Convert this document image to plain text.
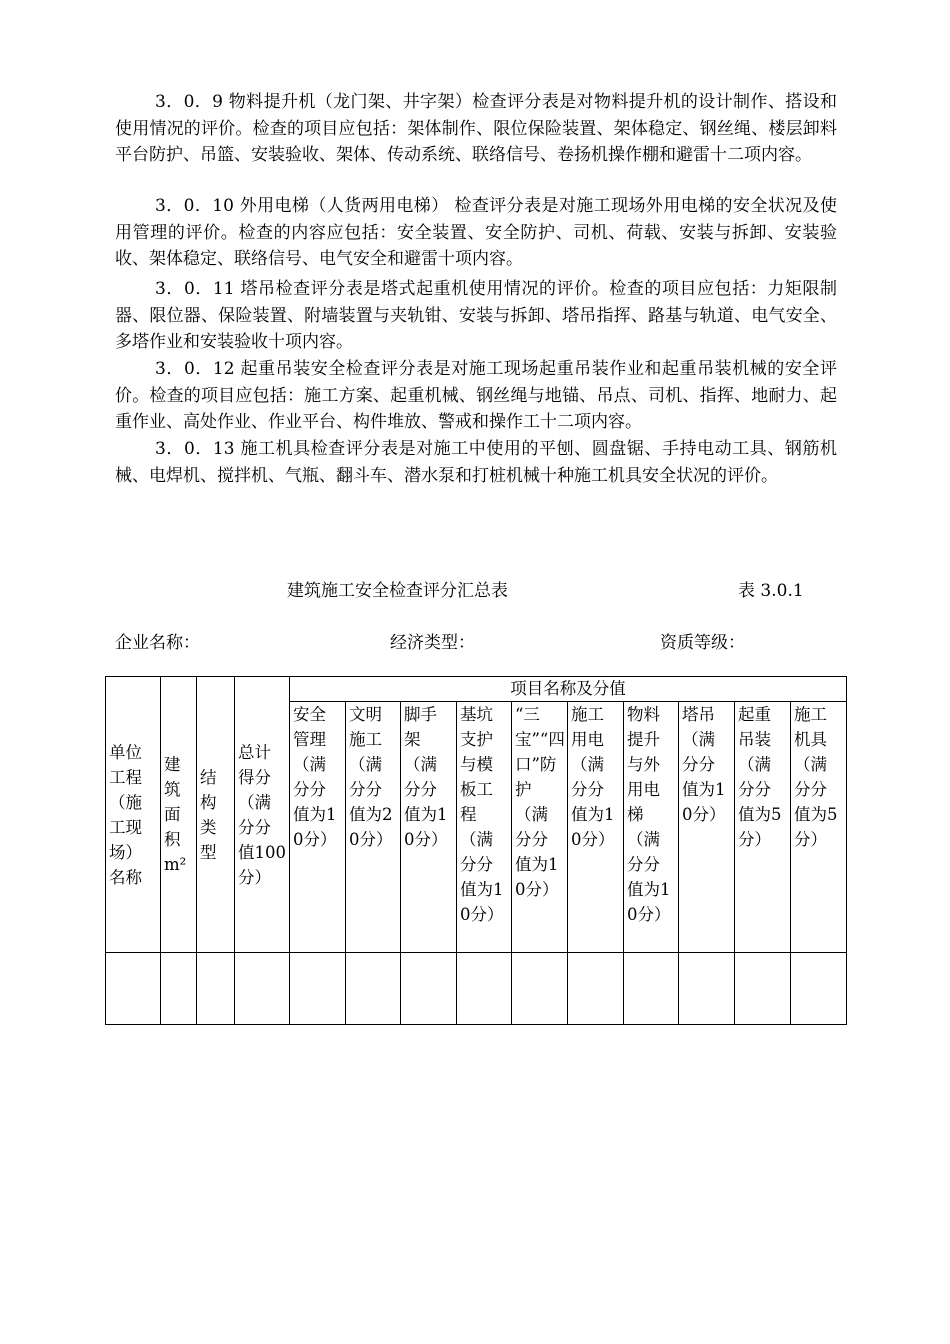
3．0．9 物料提升机（龙门架、井字架）检查评分表是对物料提升机的设计制作、搭设和使用情况的评价。检查的项目应包括：架体制作、限位保险装置、架体稳定、钢丝绳、楼层卸料平台防护、吊篮、安装验收、架体、传动系统、联络信号、卷扬机操作棚和避雷十二项内容。

3．0．10 外用电梯（人货两用电梯） 检查评分表是对施工现场外用电梯的安全状况及使用管理的评价。检查的内容应包括：安全装置、安全防护、司机、荷载、安装与拆卸、安装验收、架体稳定、联络信号、电气安全和避雷十项内容。

3．0．11 塔吊检查评分表是塔式起重机使用情况的评价。检查的项目应包括：力矩限制器、限位器、保险装置、附墙装置与夹轨钳、安装与拆卸、塔吊指挥、路基与轨道、电气安全、多塔作业和安装验收十项内容。

3．0．12 起重吊装安全检查评分表是对施工现场起重吊装作业和起重吊装机械的安全评价。检查的项目应包括：施工方案、起重机械、钢丝绳与地锚、吊点、司机、指挥、地耐力、起重作业、高处作业、作业平台、构件堆放、警戒和操作工十二项内容。

3．0．13 施工机具检查评分表是对施工中使用的平刨、圆盘锯、手持电动工具、钢筋机械、电焊机、搅拌机、气瓶、翻斗车、潜水泵和打桩机械十种施工机具安全状况的评价。

建筑施工安全检查评分汇总表	表 3.0.1
企业名称：	经济类型：	资质等级：
单位工程（施工现场）名称	建筑面积m²	结构类型	总计得分（满分分值100分）	项目名称及分值									
				安全管理（满分分值为10分）	文明施工（满分分值为20分）	脚手架（满分分值为10分）	基坑支护与模板工程（满分分值为10分）	“三宝”“四口”防护（满分分值为10分）	施工用电（满分分值为10分）	物料提升与外用电梯（满分分值为10分）	塔吊（满分分值为10分）	起重吊装（满分分值为5分）	施工机具（满分分值为5分）
